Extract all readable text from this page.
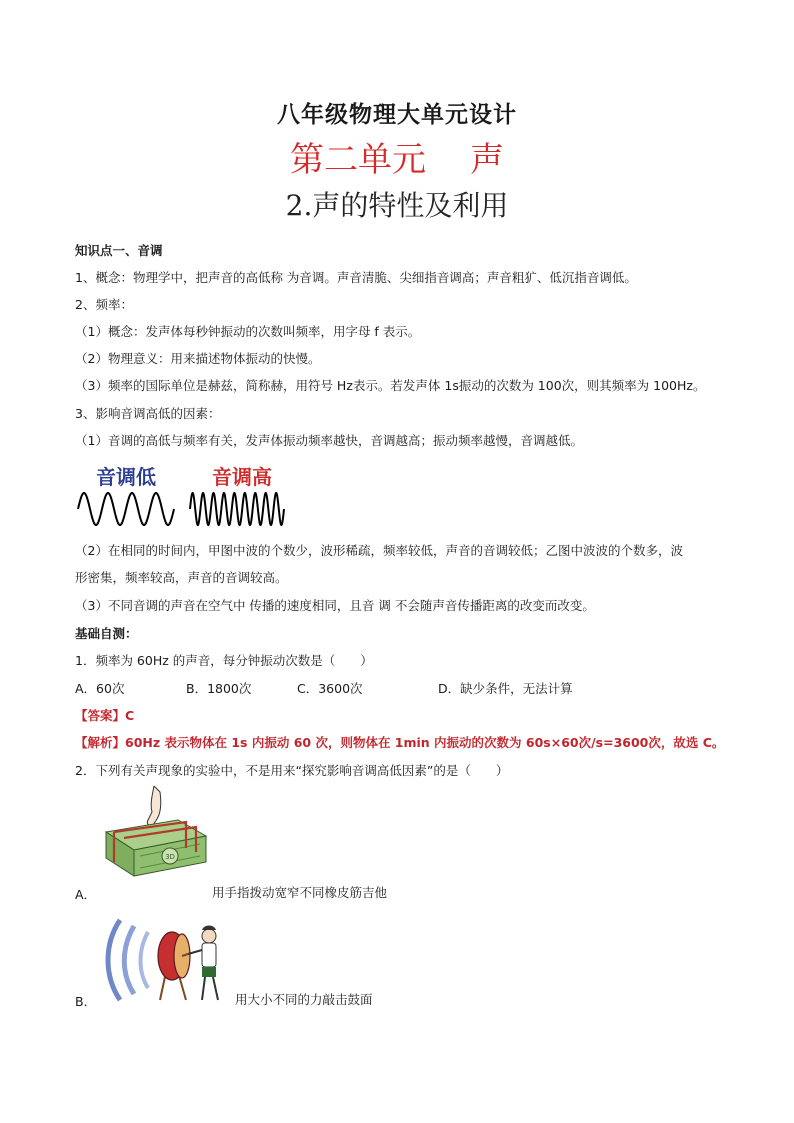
八年级物理大单元设计
第二单元 声
2.声的特性及利用
知识点一、音调
1、概念：物理学中，把声音的高低称 为音调。声音清脆、尖细指音调高；声音粗犷、低沉指音调低。
2、频率：
（1）概念：发声体每秒钟振动的次数叫频率，用字母 f 表示。
（2）物理意义：用来描述物体振动的快慢。
（3）频率的国际单位是赫兹，简称赫，用符号 Hz表示。若发声体 1s振动的次数为 100次，则其频率为 100Hz。
3、影响音调高低的因素：
（1）音调的高低与频率有关，发声体振动频率越快，音调越高；振动频率越慢，音调越低。
音调低	音调高
（2）在相同的时间内，甲图中波的个数少，波形稀疏，频率较低，声音的音调较低；乙图中波波的个数多，波
形密集，频率较高，声音的音调较高。
（3）不同音调的声音在空气中 传播的速度相同，且音 调 不会随声音传播距离的改变而改变。
基础自测：
1．频率为 60Hz 的声音，每分钟振动次数是（　　）
A．60次	B．1800次	C．3600次	D．缺少条件，无法计算
【答案】C
【解析】60Hz 表示物体在 1s 内振动 60 次，则物体在 1min 内振动的次数为 60s×60次/s=3600次，故选 C。
2．下列有关声现象的实验中，不是用来“探究影响音调高低因素”的是（　　）
3D
A．	用手指拨动宽窄不同橡皮筋吉他
B．	用大小不同的力敲击鼓面
